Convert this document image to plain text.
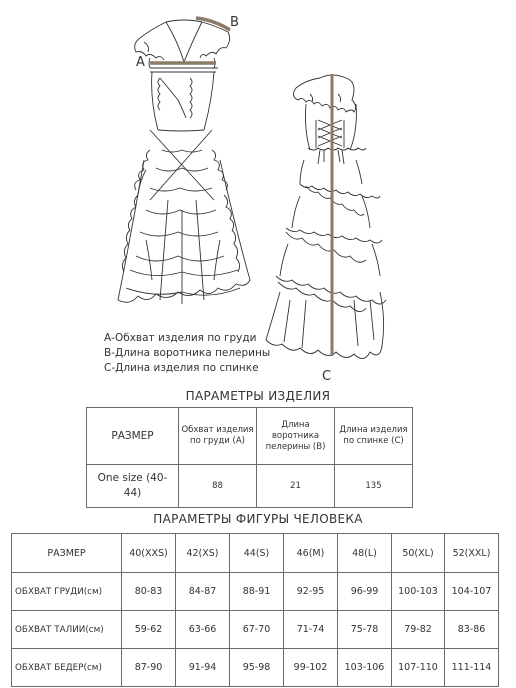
A
B
C
А-Обхват изделия по груди
В-Длина воротника пелерины
С-Длина изделия по спинке
ПАРАМЕТРЫ ИЗДЕЛИЯ
РАЗМЕР	Обхват изделия по груди (А)	Длина воротника пелерины (В)	Длина изделия по спинке (С)
One size (40-44)	88	21	135
ПАРАМЕТРЫ ФИГУРЫ ЧЕЛОВЕКА
РАЗМЕР	40(XXS)	42(XS)	44(S)	46(M)	48(L)	50(XL)	52(XXL)
ОБХВАТ ГРУДИ(см)	80-83	84-87	88-91	92-95	96-99	100-103	104-107
ОБХВАТ ТАЛИИ(см)	59-62	63-66	67-70	71-74	75-78	79-82	83-86
ОБХВАТ БЕДЕР(см)	87-90	91-94	95-98	99-102	103-106	107-110	111-114
